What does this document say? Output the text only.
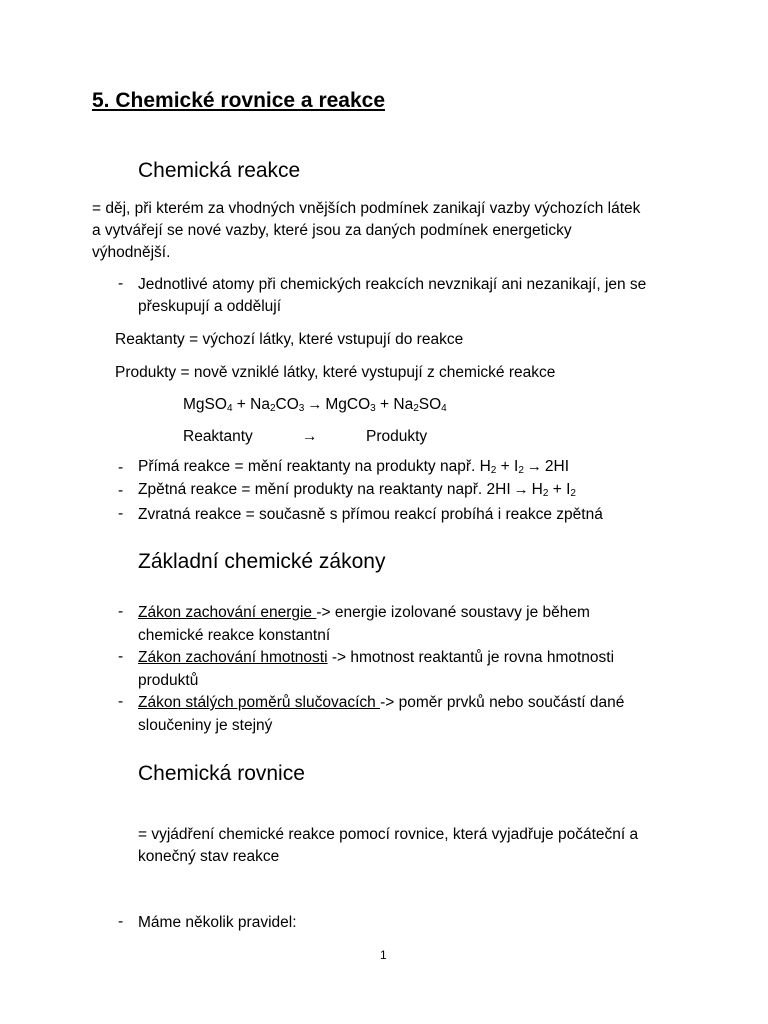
5. Chemické rovnice a reakce
Chemická reakce
= děj, při kterém za vhodných vnějších podmínek zanikají vazby výchozích látek
a vytvářejí se nové vazby, které jsou za daných podmínek energeticky
výhodnější.
- Jednotlivé atomy při chemických reakcích nevznikají ani nezanikají, jen se
přeskupují a oddělují
Reaktanty = výchozí látky, které vstupují do reakce
Produkty = nově vzniklé látky, které vystupují z chemické reakce
MgSO$_4$ + $Na_2CO_3$ → MgCO$_3$ + $Na_2SO_4$
Reaktanty	→	Produkty
- Přímá reakce = mění reaktanty na produkty např. $H_2 + I_2 \to 2HI$
- Zpětná reakce = mění produkty na reaktanty např. $2HI \to H_2 + I_2$
- Zvratná reakce = současně s přímou reakcí probíhá i reakce zpětná
Základní chemické zákony
- Zákon zachování energie -> energie izolované soustavy je během
chemické reakce konstantní
- Zákon zachování hmotnosti -> hmotnost reaktantů je rovna hmotnosti
produktů
- Zákon stálých poměrů slučovacích -> poměr prvků nebo součástí dané
sloučeniny je stejný
Chemická rovnice
= vyjádření chemické reakce pomocí rovnice, která vyjadřuje počáteční a
konečný stav reakce
- Máme několik pravidel:
1
